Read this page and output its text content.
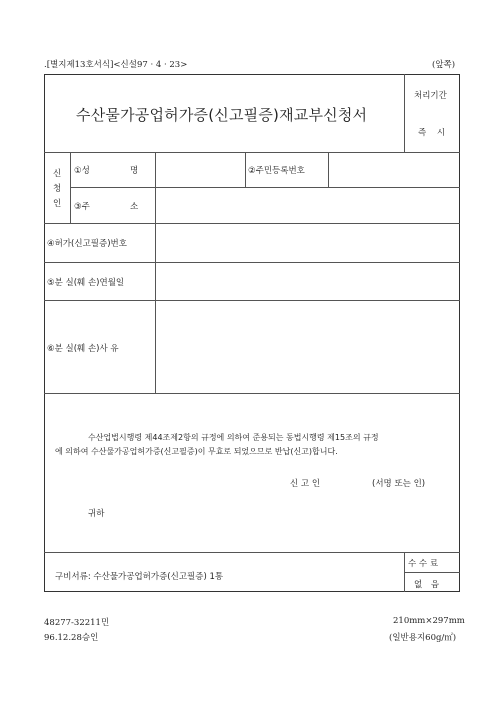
.[별지제13호서식]<신설97 · 4 · 23>	(앞쪽)
수산물가공업허가증(신고필증)재교부신청서
처리기간
즉 시
신
청
인
①성	명	②주민등록번호
③주	소
④허가(신고필증)번호
⑤분 실(훼 손)연월일
⑥분 실(훼 손)사 유
수산업법시행령 제44조제2항의 규정에 의하여 준용되는 동법시행령 제15조의 규정
에 의하여 수산물가공업허가증(신고필증)이 무효로 되었으므로 반납(신고)합니다.
신 고 인	(서명 또는 인)
귀하
구비서류: 수산물가공업허가증(신고필증) 1통
수 수 료
없 음
48277-32211민
96.12.28승인
210mm×297mm
(일반용지60g/㎡)
